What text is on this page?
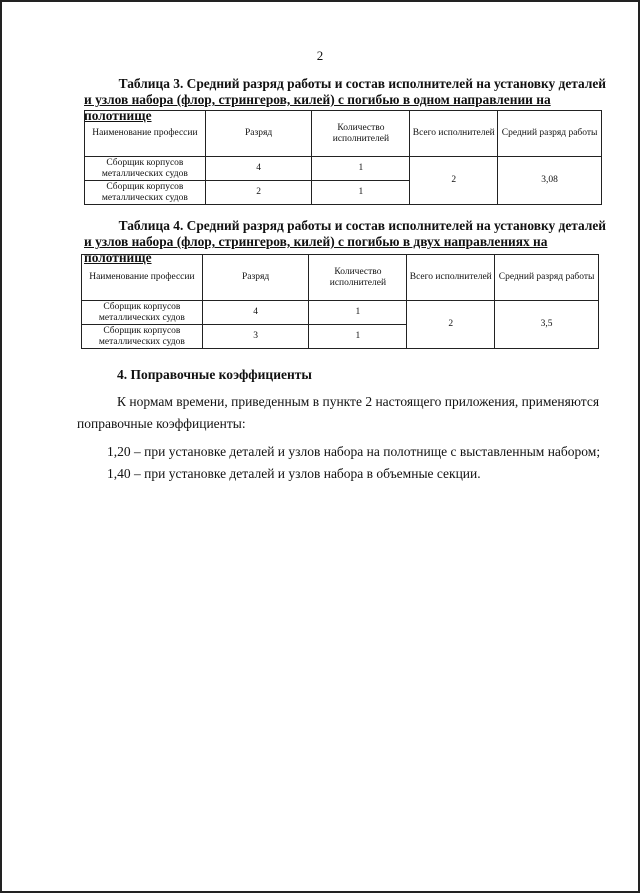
2
Таблица 3. Средний разряд работы и состав исполнителей на установку деталей
и узлов набора (флор, стрингеров, килей) с погибью в одном направлении на полотнище
Наименование профессии	Разряд	Количество исполнителей	Всего исполнителей	Средний разряд работы
Сборщик корпусов металлических судов	4	1	2	3,08
Сборщик корпусов металлических судов	2	1		
Таблица 4. Средний разряд работы и состав исполнителей на установку деталей
и узлов набора (флор, стрингеров, килей) с погибью в двух направлениях на полотнище
Наименование профессии	Разряд	Количество исполнителей	Всего исполнителей	Средний разряд работы
Сборщик корпусов металлических судов	4	1	2	3,5
Сборщик корпусов металлических судов	3	1		
4. Поправочные коэффициенты
К нормам времени, приведенным в пункте 2 настоящего приложения, применяются
поправочные коэффициенты:
1,20 – при установке деталей и узлов набора на полотнище с выставленным набором;
1,40 – при установке деталей и узлов набора в объемные секции.
